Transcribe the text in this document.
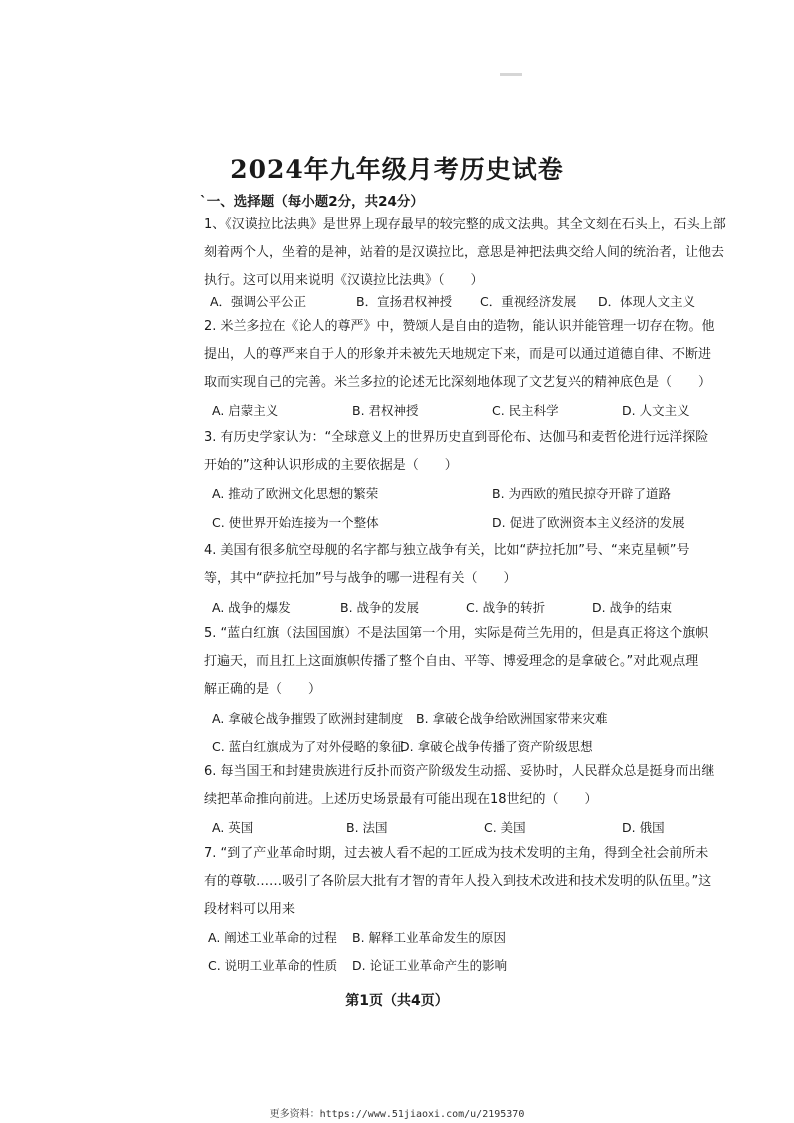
2024年九年级月考历史试卷
`一、选择题（每小题2分，共24分）
1、《汉谟拉比法典》是世界上现存最早的较完整的成文法典。其全文刻在石头上，石头上部
刻着两个人，坐着的是神，站着的是汉谟拉比，意思是神把法典交给人间的统治者，让他去
执行。这可以用来说明《汉谟拉比法典》（　　）
A．强调公平公正	B．宣扬君权神授 C．重视经济发展 D．体现人文主义
2. 米兰多拉在《论人的尊严》中，赞颂人是自由的造物，能认识并能管理一切存在物。他
提出，人的尊严来自于人的形象并未被先天地规定下来，而是可以通过道德自律、不断进
取而实现自己的完善。米兰多拉的论述无比深刻地体现了文艺复兴的精神底色是（　　）
A. 启蒙主义	B. 君权神授	C. 民主科学	D. 人文主义
3. 有历史学家认为：“全球意义上的世界历史直到哥伦布、达伽马和麦哲伦进行远洋探险
开始的”这种认识形成的主要依据是（　　）
A. 推动了欧洲文化思想的繁荣	B. 为西欧的殖民掠夺开辟了道路
C. 使世界开始连接为一个整体	D. 促进了欧洲资本主义经济的发展
4. 美国有很多航空母舰的名字都与独立战争有关，比如“萨拉托加”号、“来克星顿”号
等，其中“萨拉托加”号与战争的哪一进程有关（　　）
A. 战争的爆发	B. 战争的发展	C. 战争的转折	D. 战争的结束
5. “蓝白红旗（法国国旗）不是法国第一个用，实际是荷兰先用的，但是真正将这个旗帜
打遍天，而且扛上这面旗帜传播了整个自由、平等、博爱理念的是拿破仑。”对此观点理
解正确的是（　　）
A. 拿破仑战争摧毁了欧洲封建制度 B. 拿破仑战争给欧洲国家带来灾难
C. 蓝白红旗成为了对外侵略的象征
D. 拿破仑战争传播了资产阶级思想
6. 每当国王和封建贵族进行反扑而资产阶级发生动摇、妥协时，人民群众总是挺身而出继
续把革命推向前进。上述历史场景最有可能出现在18世纪的（　　）
A. 英国	B. 法国	C. 美国	D. 俄国
7. “到了产业革命时期，过去被人看不起的工匠成为技术发明的主角，得到全社会前所未
有的尊敬……吸引了各阶层大批有才智的青年人投入到技术改进和技术发明的队伍里。”这
段材料可以用来
A. 阐述工业革命的过程 B. 解释工业革命发生的原因
C. 说明工业革命的性质 D. 论证工业革命产生的影响
第1页（共4页）
更多资料：https://www.51jiaoxi.com/u/2195370
